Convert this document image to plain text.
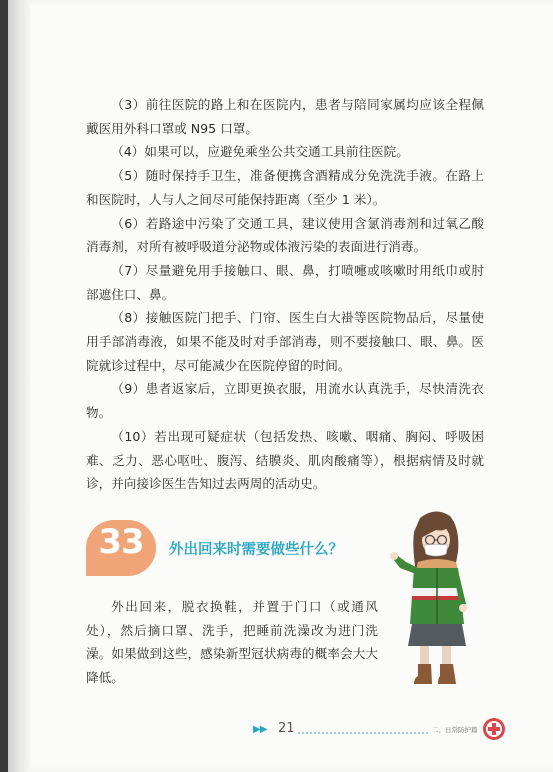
（3）前往医院的路上和在医院内，患者与陪同家属均应该全程佩戴医用外科口罩或 N95 口罩。

（4）如果可以，应避免乘坐公共交通工具前往医院。

（5）随时保持手卫生，准备便携含酒精成分免洗洗手液。在路上和医院时，人与人之间尽可能保持距离（至少 1 米）。

（6）若路途中污染了交通工具，建议使用含氯消毒剂和过氧乙酸消毒剂，对所有被呼吸道分泌物或体液污染的表面进行消毒。

（7）尽量避免用手接触口、眼、鼻，打喷嚏或咳嗽时用纸巾或肘部遮住口、鼻。

（8）接触医院门把手、门帘、医生白大褂等医院物品后，尽量使用手部消毒液，如果不能及时对手部消毒，则不要接触口、眼、鼻。医院就诊过程中，尽可能减少在医院停留的时间。

（9）患者返家后，立即更换衣服，用流水认真洗手，尽快清洗衣物。

（10）若出现可疑症状（包括发热、咳嗽、咽痛、胸闷、呼吸困难、乏力、恶心呕吐、腹泻、结膜炎、肌肉酸痛等），根据病情及时就诊，并向接诊医生告知过去两周的活动史。

33	外出回来时需要做些什么？

外出回来，脱衣换鞋，并置于门口（或通风处），然后摘口罩、洗手，把睡前洗澡改为进门洗澡。如果做到这些，感染新型冠状病毒的概率会大大降低。

▶▶ 21	二、日常防护篇
